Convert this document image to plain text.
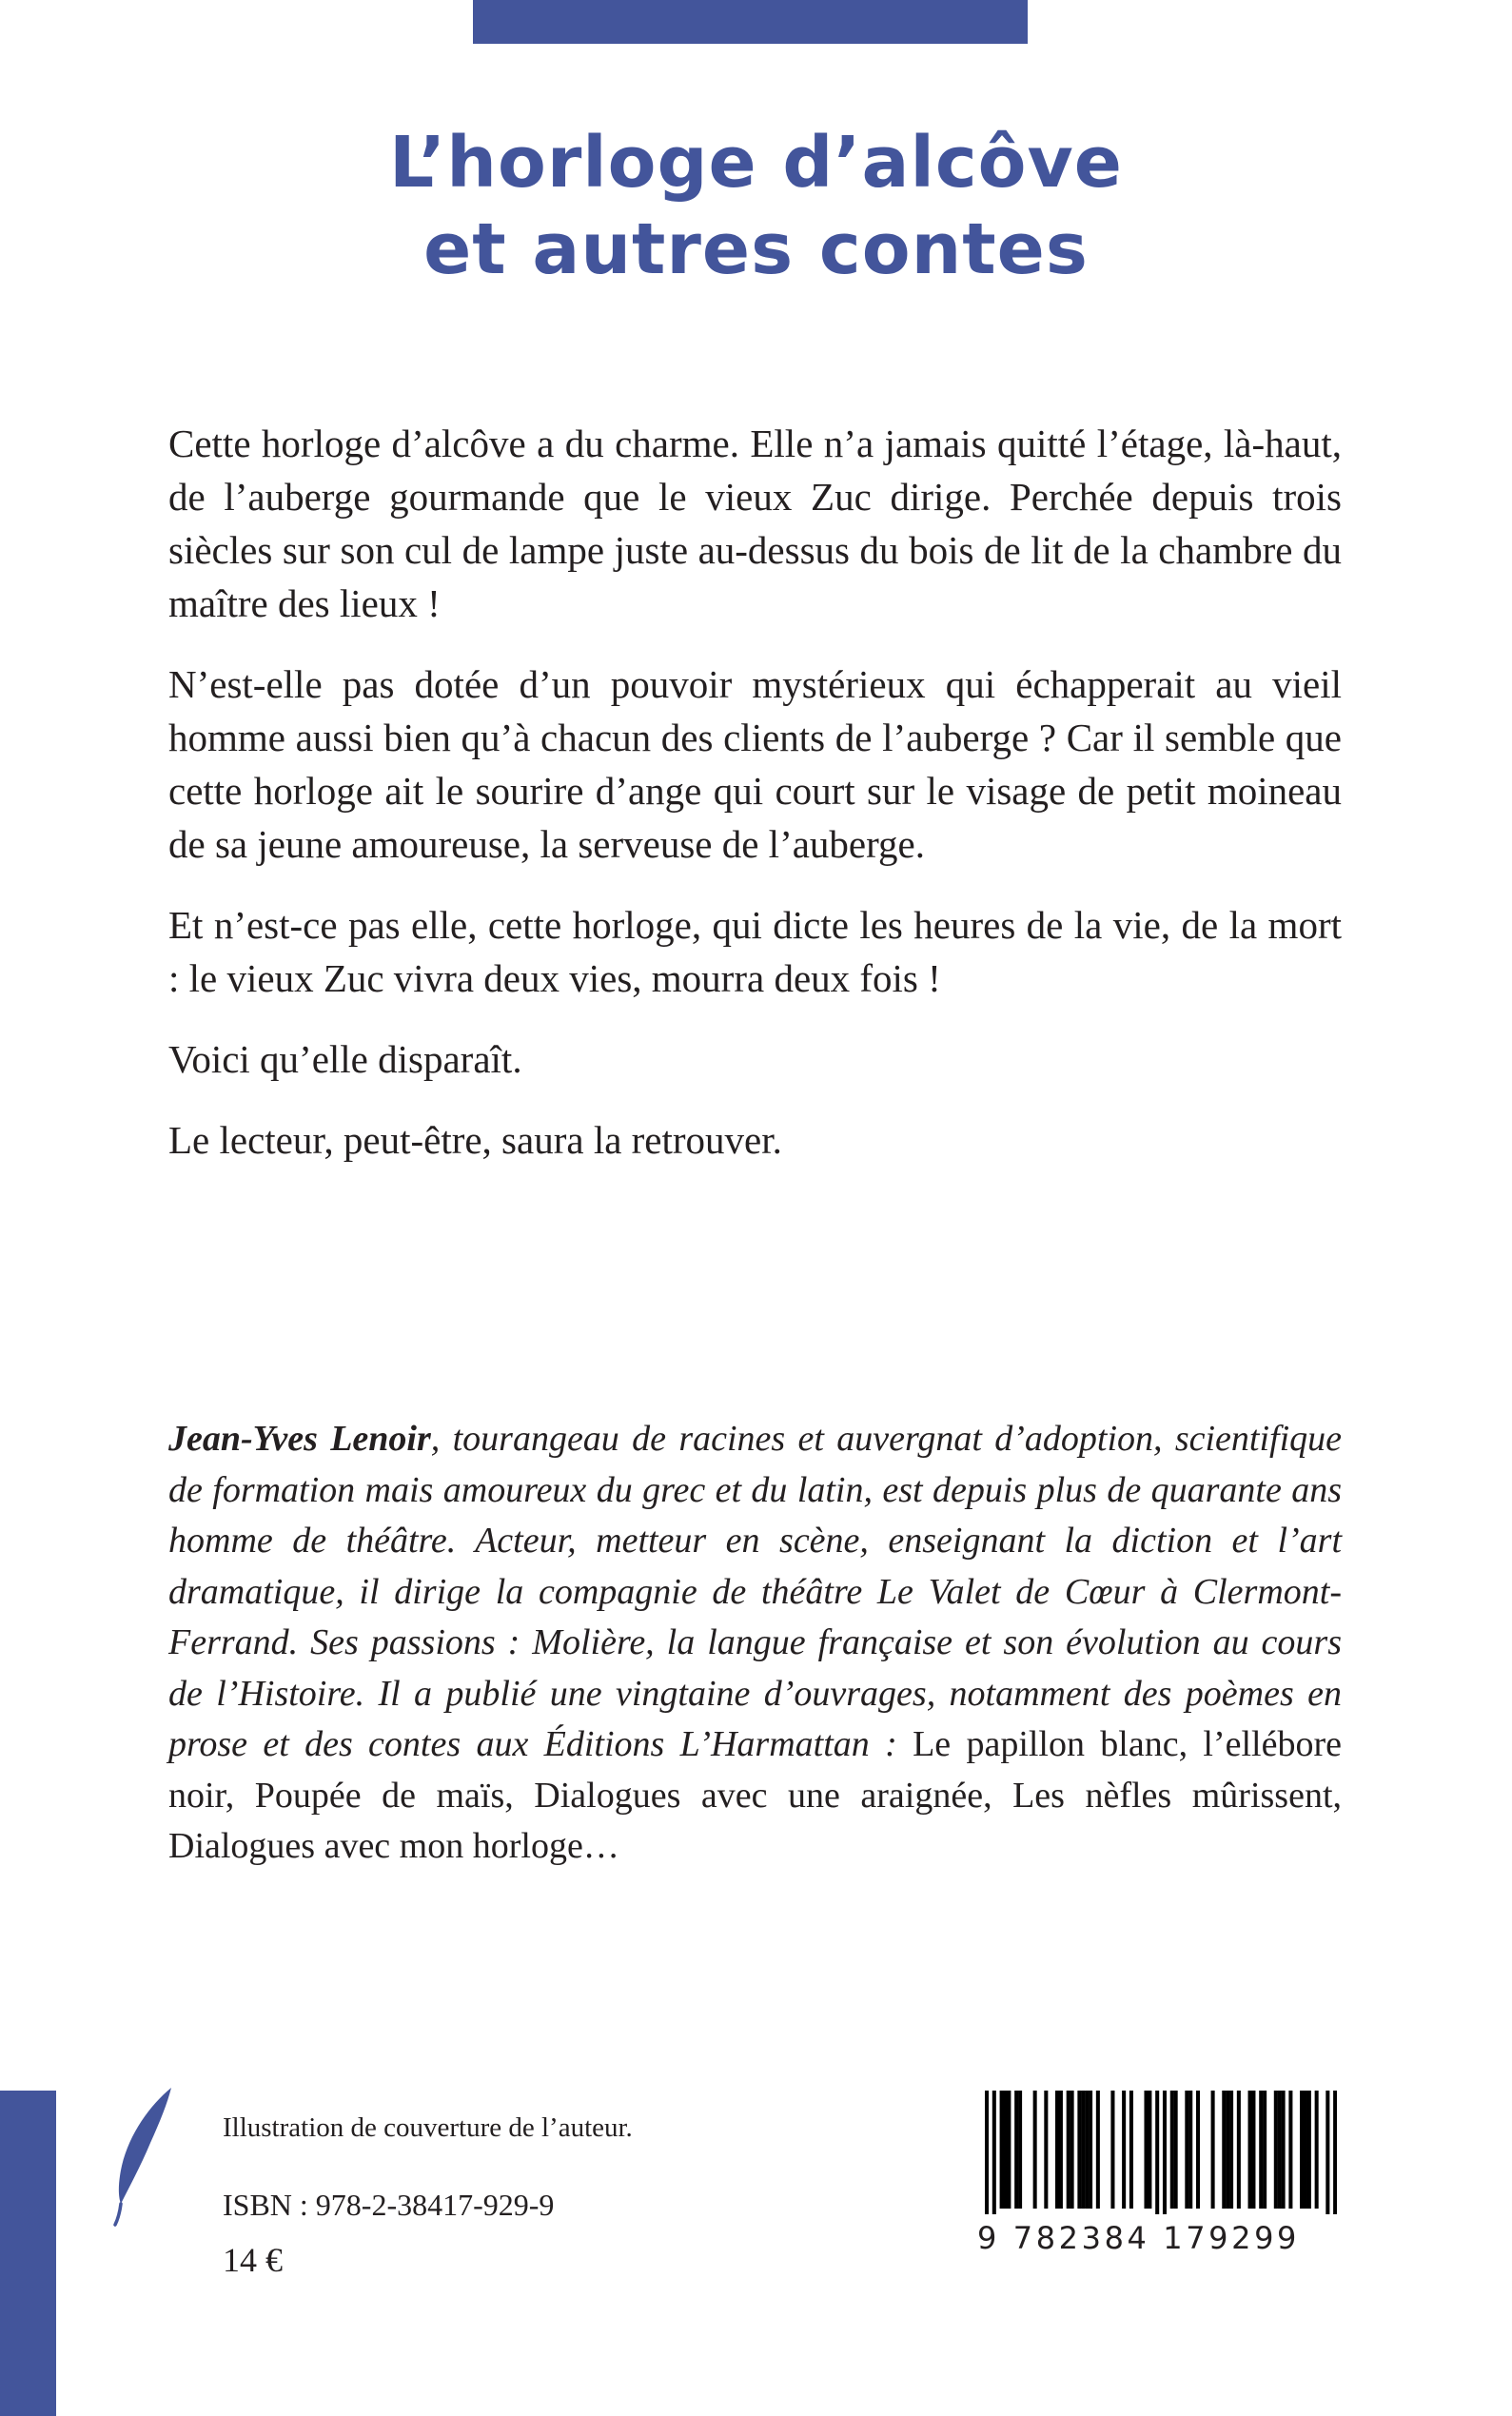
L’horloge d’alcôve
et autres contes

Cette horloge d’alcôve a du charme. Elle n’a jamais quitté l’étage, là-haut, de l’auberge gourmande que le vieux Zuc dirige. Perchée depuis trois siècles sur son cul de lampe juste au-dessus du bois de lit de la chambre du maître des lieux !

N’est-elle pas dotée d’un pouvoir mystérieux qui échapperait au vieil homme aussi bien qu’à chacun des clients de l’auberge ? Car il semble que cette horloge ait le sourire d’ange qui court sur le visage de petit moineau de sa jeune amoureuse, la serveuse de l’auberge.

Et n’est-ce pas elle, cette horloge, qui dicte les heures de la vie, de la mort : le vieux Zuc vivra deux vies, mourra deux fois !

Voici qu’elle disparaît.

Le lecteur, peut-être, saura la retrouver.

Jean-Yves Lenoir, tourangeau de racines et auvergnat d’adoption, scientifique de formation mais amoureux du grec et du latin, est depuis plus de quarante ans homme de théâtre. Acteur, metteur en scène, enseignant la diction et l’art dramatique, il dirige la compagnie de théâtre Le Valet de Cœur à Clermont-Ferrand. Ses passions : Molière, la langue française et son évolution au cours de l’Histoire. Il a publié une vingtaine d’ouvrages, notamment des poèmes en prose et des contes aux Éditions L’Harmattan : Le papillon blanc, l’ellébore noir, Poupée de maïs, Dialogues avec une araignée, Les nèfles mûrissent, Dialogues avec mon horloge…
Illustration de couverture de l’auteur.
ISBN : 978-2-38417-929-9
14 €
9 782384 179299
